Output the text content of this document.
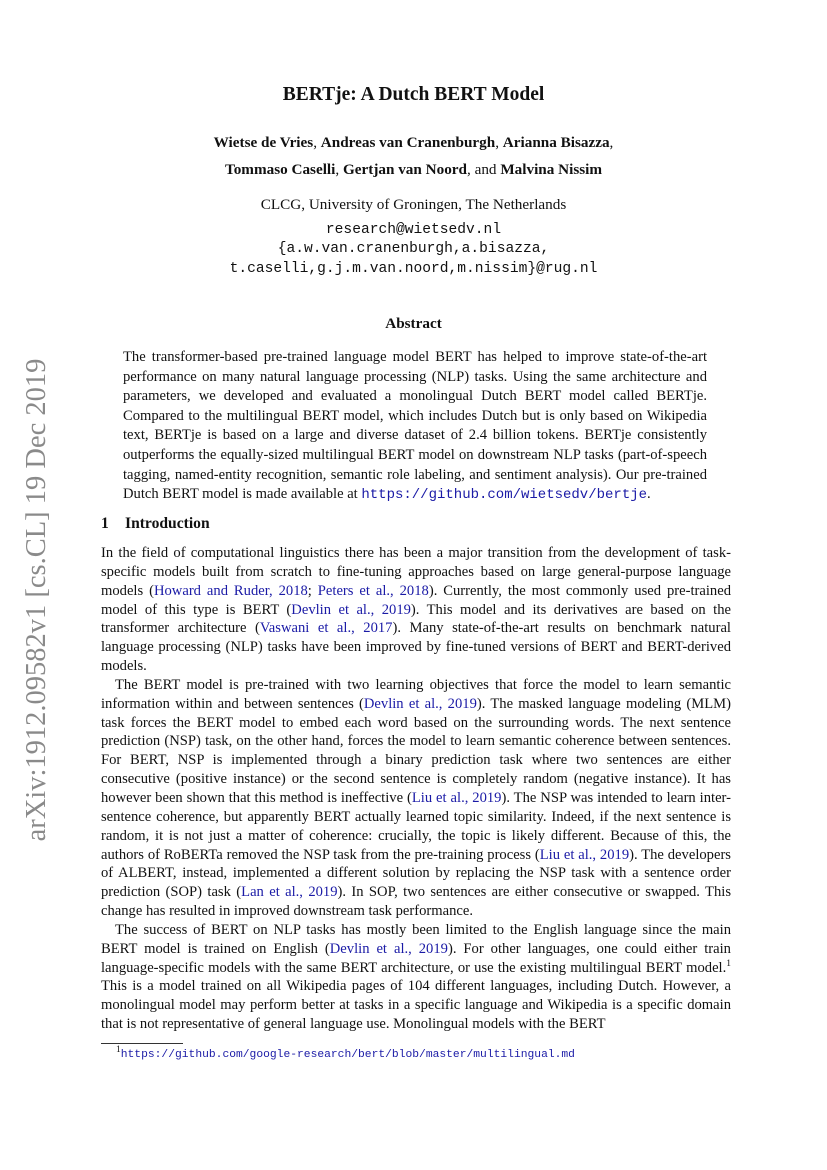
arXiv:1912.09582v1 [cs.CL] 19 Dec 2019
BERTje: A Dutch BERT Model
Wietse de Vries, Andreas van Cranenburgh, Arianna Bisazza,
Tommaso Caselli, Gertjan van Noord, and Malvina Nissim
CLCG, University of Groningen, The Netherlands
research@wietsedv.nl
{a.w.van.cranenburgh,a.bisazza,
t.caselli,g.j.m.van.noord,m.nissim}@rug.nl
Abstract
The transformer-based pre-trained language model BERT has helped to improve state-of-the-art performance on many natural language processing (NLP) tasks. Using the same architecture and parameters, we developed and evaluated a monolingual Dutch BERT model called BERTje. Compared to the multilingual BERT model, which includes Dutch but is only based on Wikipedia text, BERTje is based on a large and diverse dataset of 2.4 billion tokens. BERTje consistently outperforms the equally-sized multilingual BERT model on downstream NLP tasks (part-of-speech tagging, named-entity recognition, semantic role labeling, and sentiment analysis). Our pre-trained Dutch BERT model is made available at https://github.com/wietsedv/bertje.
1 Introduction

In the field of computational linguistics there has been a major transition from the development of task-specific models built from scratch to fine-tuning approaches based on large general-purpose language models (Howard and Ruder, 2018; Peters et al., 2018). Currently, the most commonly used pre-trained model of this type is BERT (Devlin et al., 2019). This model and its derivatives are based on the transformer architecture (Vaswani et al., 2017). Many state-of-the-art results on benchmark natural language processing (NLP) tasks have been improved by fine-tuned versions of BERT and BERT-derived models.

The BERT model is pre-trained with two learning objectives that force the model to learn semantic information within and between sentences (Devlin et al., 2019). The masked language modeling (MLM) task forces the BERT model to embed each word based on the surrounding words. The next sentence prediction (NSP) task, on the other hand, forces the model to learn semantic coherence between sentences. For BERT, NSP is implemented through a binary prediction task where two sentences are either consecutive (positive instance) or the second sentence is completely random (negative instance). It has however been shown that this method is ineffective (Liu et al., 2019). The NSP was intended to learn inter-sentence coherence, but apparently BERT actually learned topic similarity. Indeed, if the next sentence is random, it is not just a matter of coherence: crucially, the topic is likely different. Because of this, the authors of RoBERTa removed the NSP task from the pre-training process (Liu et al., 2019). The developers of ALBERT, instead, implemented a different solution by replacing the NSP task with a sentence order prediction (SOP) task (Lan et al., 2019). In SOP, two sentences are either consecutive or swapped. This change has resulted in improved downstream task performance.

The success of BERT on NLP tasks has mostly been limited to the English language since the main BERT model is trained on English (Devlin et al., 2019). For other languages, one could either train language-specific models with the same BERT architecture, or use the existing multilingual BERT model.$^1$ This is a model trained on all Wikipedia pages of 104 different languages, including Dutch. However, a monolingual model may perform better at tasks in a specific language and Wikipedia is a specific domain that is not representative of general language use. Monolingual models with the BERT

$^1$https://github.com/google-research/bert/blob/master/multilingual.md
